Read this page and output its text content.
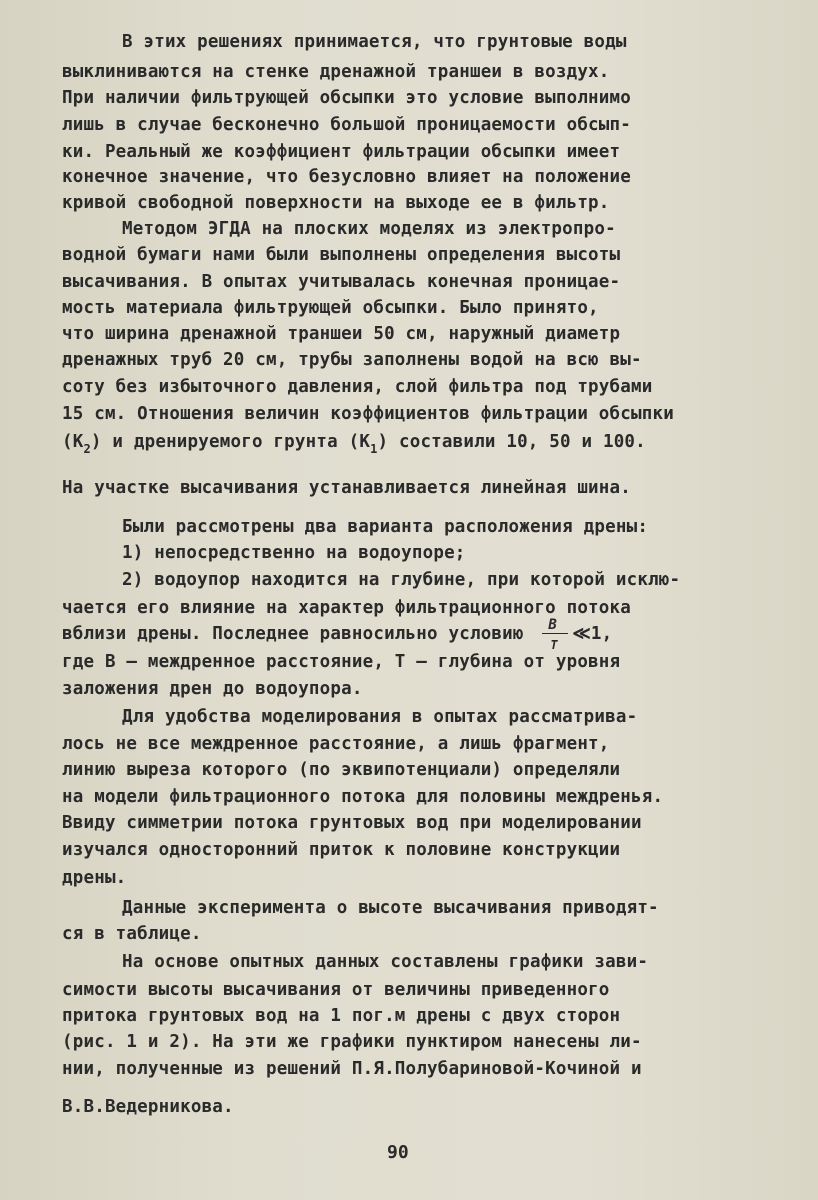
В этих решениях принимается, что грунтовые воды
выклиниваются на стенке дренажной траншеи в воздух.
При наличии фильтрующей обсыпки это условие выполнимо
лишь в случае бесконечно большой проницаемости обсып-
ки. Реальный же коэффициент фильтрации обсыпки имеет
конечное значение, что безусловно влияет на положение
кривой свободной поверхности на выходе ее в фильтр.
Методом ЭГДА на плоских моделях из электропро-
водной бумаги нами были выполнены определения высоты
высачивания. В опытах учитывалась конечная проницае-
мость материала фильтрующей обсыпки. Было принято,
что ширина дренажной траншеи 50 см, наружный диаметр
дренажных труб 20 см, трубы заполнены водой на всю вы-
соту без избыточного давления, слой фильтра под трубами
15 см. Отношения величин коэффициентов фильтрации обсыпки
$(К_2)$ и дренируемого грунта $(К_1)$ составили 10, 50 и 100.
На участке высачивания устанавливается линейная шина.
Были рассмотрены два варианта расположения дрены:
1) непосредственно на водоупоре;
2) водоупор находится на глубине, при которой исклю-
чается его влияние на характер фильтрационного потока
вблизи дрены. Последнее равносильно условию $\frac{В}{Т}$ ≪1,
где В – междренное расстояние, Т – глубина от уровня
заложения дрен до водоупора.
Для удобства моделирования в опытах рассматрива-
лось не все междренное расстояние, а лишь фрагмент,
линию выреза которого (по эквипотенциали) определяли
на модели фильтрационного потока для половины междренья.
Ввиду симметрии потока грунтовых вод при моделировании
изучался односторонний приток к половине конструкции
дрены.
Данные эксперимента о высоте высачивания приводят-
ся в таблице.
На основе опытных данных составлены графики зави-
симости высоты высачивания от величины приведенного
притока грунтовых вод на 1 пог.м дрены с двух сторон
(рис. 1 и 2). На эти же графики пунктиром нанесены ли-
нии, полученные из решений П.Я.Полубариновой-Кочиной и
В.В.Ведерникова.
90
